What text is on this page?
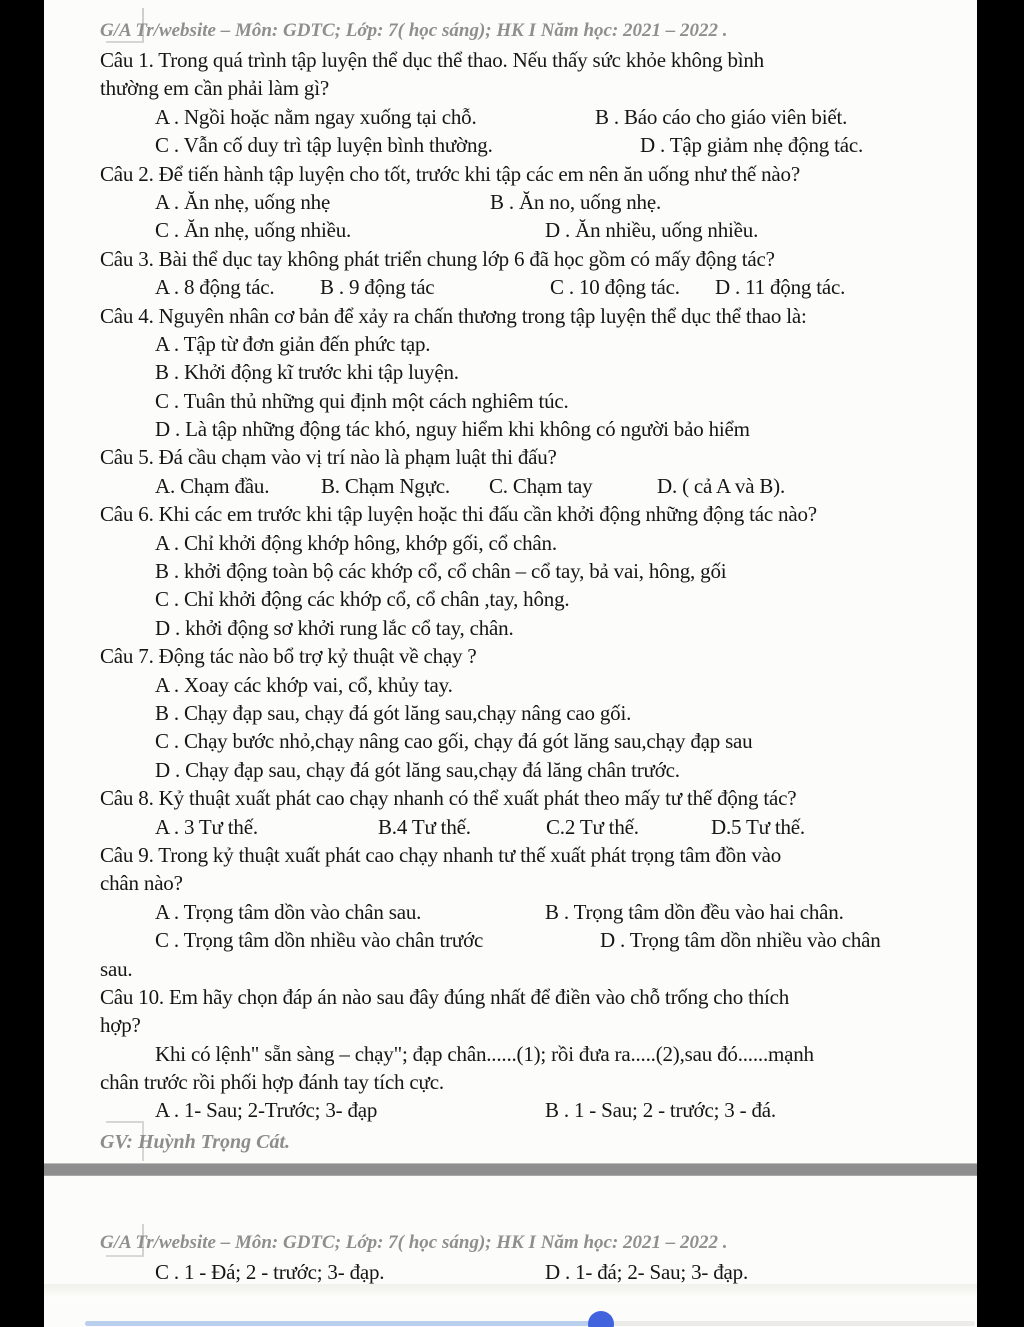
G/A Tr/website – Môn: GDTC; Lớp: 7( học sáng); HK I Năm học: 2021 – 2022 .
Câu 1. Trong quá trình tập luyện thể dục thể thao. Nếu thấy sức khỏe không bình
thường em cần phải làm gì?
A . Ngồi hoặc nằm ngay xuống tại chỗ.	B . Báo cáo cho giáo viên biết.
C . Vẫn cố duy trì tập luyện bình thường.	D . Tập giảm nhẹ động tác.
Câu 2. Để tiến hành tập luyện cho tốt, trước khi tập các em nên ăn uống như thế nào?
A . Ăn nhẹ, uống nhẹ	B . Ăn no, uống nhẹ.
C . Ăn nhẹ, uống nhiều.	D . Ăn nhiều, uống nhiều.
Câu 3. Bài thể dục tay không phát triển chung lớp 6 đã học gồm có mấy động tác?
A . 8 động tác. B . 9 động tác	C . 10 động tác. D . 11 động tác.
Câu 4. Nguyên nhân cơ bản để xảy ra chấn thương trong tập luyện thể dục thể thao là:
A . Tập từ đơn giản đến phức tạp.
B . Khởi động kĩ trước khi tập luyện.
C . Tuân thủ những qui định một cách nghiêm túc.
D . Là tập những động tác khó, nguy hiểm khi không có người bảo hiểm
Câu 5. Đá cầu chạm vào vị trí nào là phạm luật thi đấu?
A. Chạm đầu. B. Chạm Ngực. C. Chạm tay	D. ( cả A và B).
Câu 6. Khi các em trước khi tập luyện hoặc thi đấu cần khởi động những động tác nào?
A . Chỉ khởi động khớp hông, khớp gối, cổ chân.
B . khởi động toàn bộ các khớp cổ, cổ chân – cổ tay, bả vai, hông, gối
C . Chỉ khởi động các khớp cổ, cổ chân ,tay, hông.
D . khởi động sơ khởi rung lắc cổ tay, chân.
Câu 7. Động tác nào bổ trợ kỷ thuật về chạy ?
A . Xoay các khớp vai, cổ, khủy tay.
B . Chạy đạp sau, chạy đá gót lăng sau,chạy nâng cao gối.
C . Chạy bước nhỏ,chạy nâng cao gối, chạy đá gót lăng sau,chạy đạp sau
D . Chạy đạp sau, chạy đá gót lăng sau,chạy đá lăng chân trước.
Câu 8. Kỷ thuật xuất phát cao chạy nhanh có thể xuất phát theo mấy tư thế động tác?
A . 3 Tư thế.	B.4 Tư thế.	C.2 Tư thế.	D.5 Tư thế.
Câu 9. Trong kỷ thuật xuất phát cao chạy nhanh tư thế xuất phát trọng tâm đồn vào
chân nào?
A . Trọng tâm dồn vào chân sau.	B . Trọng tâm dồn đều vào hai chân.
C . Trọng tâm dồn nhiều vào chân trước	D . Trọng tâm dồn nhiều vào chân
sau.
Câu 10. Em hãy chọn đáp án nào sau đây đúng nhất để điền vào chỗ trống cho thích
hợp?
Khi có lệnh" sẵn sàng – chạy"; đạp chân......(1); rồi đưa ra.....(2),sau đó......mạnh
chân trước rồi phối hợp đánh tay tích cực.
A . 1- Sau; 2-Trước; 3- đạp	B . 1 - Sau; 2 - trước; 3 - đá.
GV: Huỳnh Trọng Cát.
G/A Tr/website – Môn: GDTC; Lớp: 7( học sáng); HK I Năm học: 2021 – 2022 .
C . 1 - Đá; 2 - trước; 3- đạp.	D . 1- đá; 2- Sau; 3- đạp.
